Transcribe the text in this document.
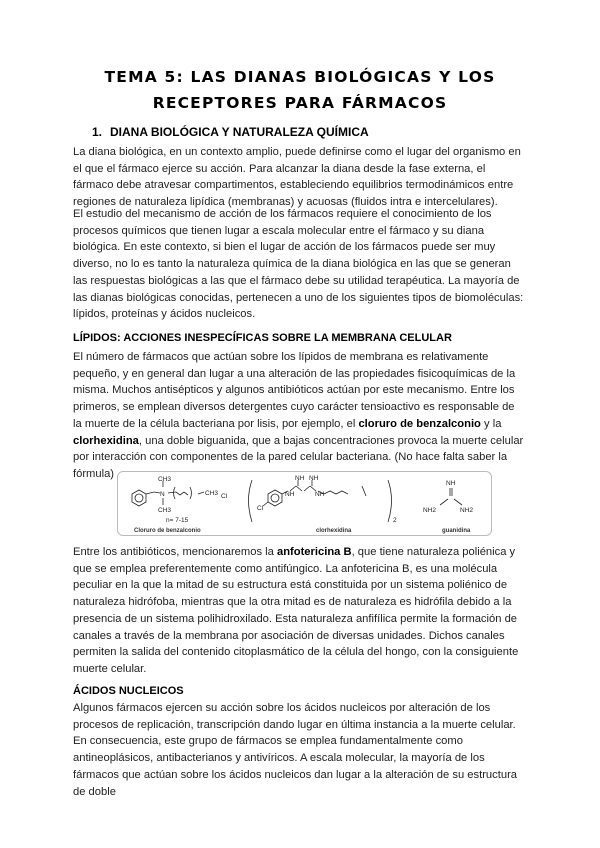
TEMA 5: LAS DIANAS BIOLÓGICAS Y LOS
RECEPTORES PARA FÁRMACOS
1. DIANA BIOLÓGICA Y NATURALEZA QUÍMICA
La diana biológica, en un contexto amplio, puede definirse como el lugar del organismo en el que el fármaco ejerce su acción. Para alcanzar la diana desde la fase externa, el fármaco debe atravesar compartimentos, estableciendo equilibrios termodinámicos entre regiones de naturaleza lipídica (membranas) y acuosas (fluidos intra e intercelulares).
El estudio del mecanismo de acción de los fármacos requiere el conocimiento de los procesos químicos que tienen lugar a escala molecular entre el fármaco y su diana biológica. En este contexto, si bien el lugar de acción de los fármacos puede ser muy diverso, no lo es tanto la naturaleza química de la diana biológica en las que se generan las respuestas biológicas a las que el fármaco debe su utilidad terapéutica. La mayoría de las dianas biológicas conocidas, pertenecen a uno de los siguientes tipos de biomoléculas: lípidos, proteínas y ácidos nucleicos.
LÍPIDOS: ACCIONES INESPECÍFICAS SOBRE LA MEMBRANA CELULAR
El número de fármacos que actúan sobre los lípidos de membrana es relativamente pequeño, y en general dan lugar a una alteración de las propiedades fisicoquímicas de la misma. Muchos antisépticos y algunos antibióticos actúan por este mecanismo. Entre los primeros, se emplean diversos detergentes cuyo carácter tensioactivo es responsable de la muerte de la célula bacteriana por lisis, por ejemplo, el cloruro de benzalconio y la clorhexidina, una doble biguanida, que a bajas concentraciones provoca la muerte celular por interacción con componentes de la pared celular bacteriana. (No hace falta saber la fórmula)
N
CH3
CH3
CH3 Cl
n= 7-15
Cloruro de benzalconio
Cl
NH
NH NH
NH
2
clorhexidina
NH
NH2	NH2
guanidina
Entre los antibióticos, mencionaremos la anfotericina B, que tiene naturaleza poliénica y que se emplea preferentemente como antifúngico. La anfotericina B, es una molécula peculiar en la que la mitad de su estructura está constituida por un sistema poliénico de naturaleza hidrófoba, mientras que la otra mitad es de naturaleza es hidrófila debido a la presencia de un sistema polihidroxilado. Esta naturaleza anfifílica permite la formación de canales a través de la membrana por asociación de diversas unidades. Dichos canales permiten la salida del contenido citoplasmático de la célula del hongo, con la consiguiente muerte celular.
ÁCIDOS NUCLEICOS
Algunos fármacos ejercen su acción sobre los ácidos nucleicos por alteración de los procesos de replicación, transcripción dando lugar en última instancia a la muerte celular. En consecuencia, este grupo de fármacos se emplea fundamentalmente como antineoplásicos, antibacterianos y antivíricos. A escala molecular, la mayoría de los fármacos que actúan sobre los ácidos nucleicos dan lugar a la alteración de su estructura de doble
